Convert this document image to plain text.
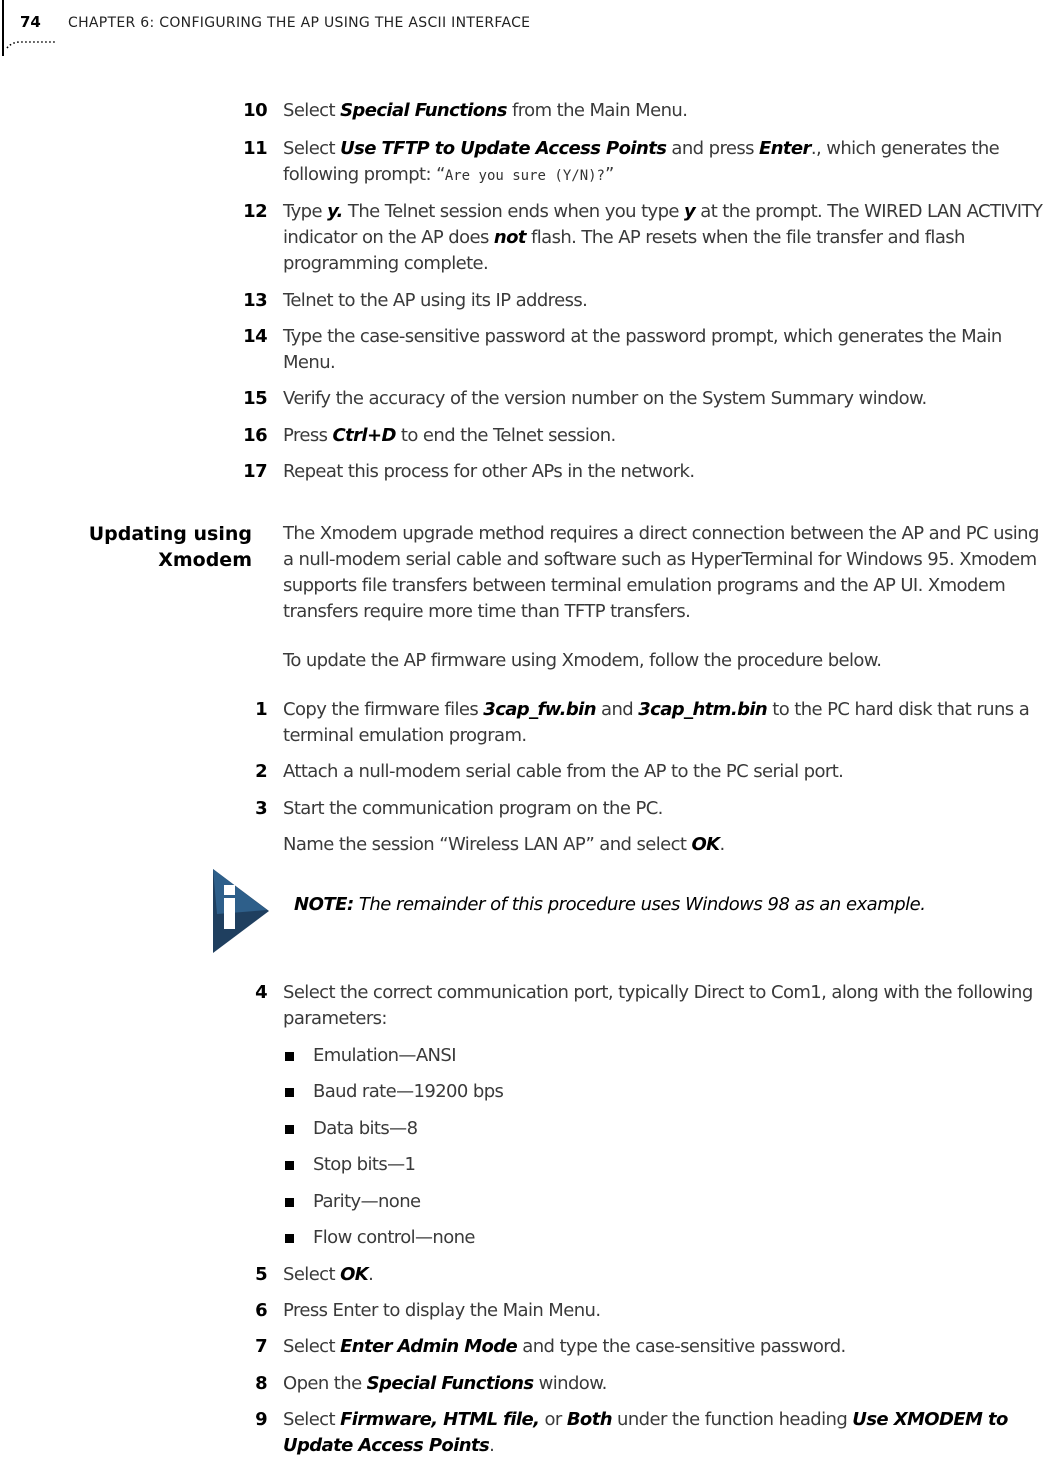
74 CHAPTER 6: CONFIGURING THE AP USING THE ASCII INTERFACE
10 Select Special Functions from the Main Menu.
11 Select Use TFTP to Update Access Points and press Enter., which generates the following prompt: “Are you sure (Y/N)?”
12 Type y. The Telnet session ends when you type y at the prompt. The WIRED LAN ACTIVITY indicator on the AP does not flash. The AP resets when the file transfer and flash programming complete.
13 Telnet to the AP using its IP address.
14 Type the case-sensitive password at the password prompt, which generates the Main Menu.
15 Verify the accuracy of the version number on the System Summary window.
16 Press Ctrl+D to end the Telnet session.
17 Repeat this process for other APs in the network.
Updating using
Xmodem
The Xmodem upgrade method requires a direct connection between the AP and PC using a null-modem serial cable and software such as HyperTerminal for Windows 95. Xmodem supports file transfers between terminal emulation programs and the AP UI. Xmodem transfers require more time than TFTP transfers.
To update the AP firmware using Xmodem, follow the procedure below.
1 Copy the firmware files 3cap_fw.bin and 3cap_htm.bin to the PC hard disk that runs a terminal emulation program.
2 Attach a null-modem serial cable from the AP to the PC serial port.
3 Start the communication program on the PC.
Name the session “Wireless LAN AP” and select OK.
NOTE: The remainder of this procedure uses Windows 98 as an example.
4 Select the correct communication port, typically Direct to Com1, along with the following parameters:
Emulation—ANSI
Baud rate—19200 bps
Data bits—8
Stop bits—1
Parity—none
Flow control—none
5 Select OK.
6 Press Enter to display the Main Menu.
7 Select Enter Admin Mode and type the case-sensitive password.
8 Open the Special Functions window.
9 Select Firmware, HTML file, or Both under the function heading Use XMODEM to Update Access Points.
